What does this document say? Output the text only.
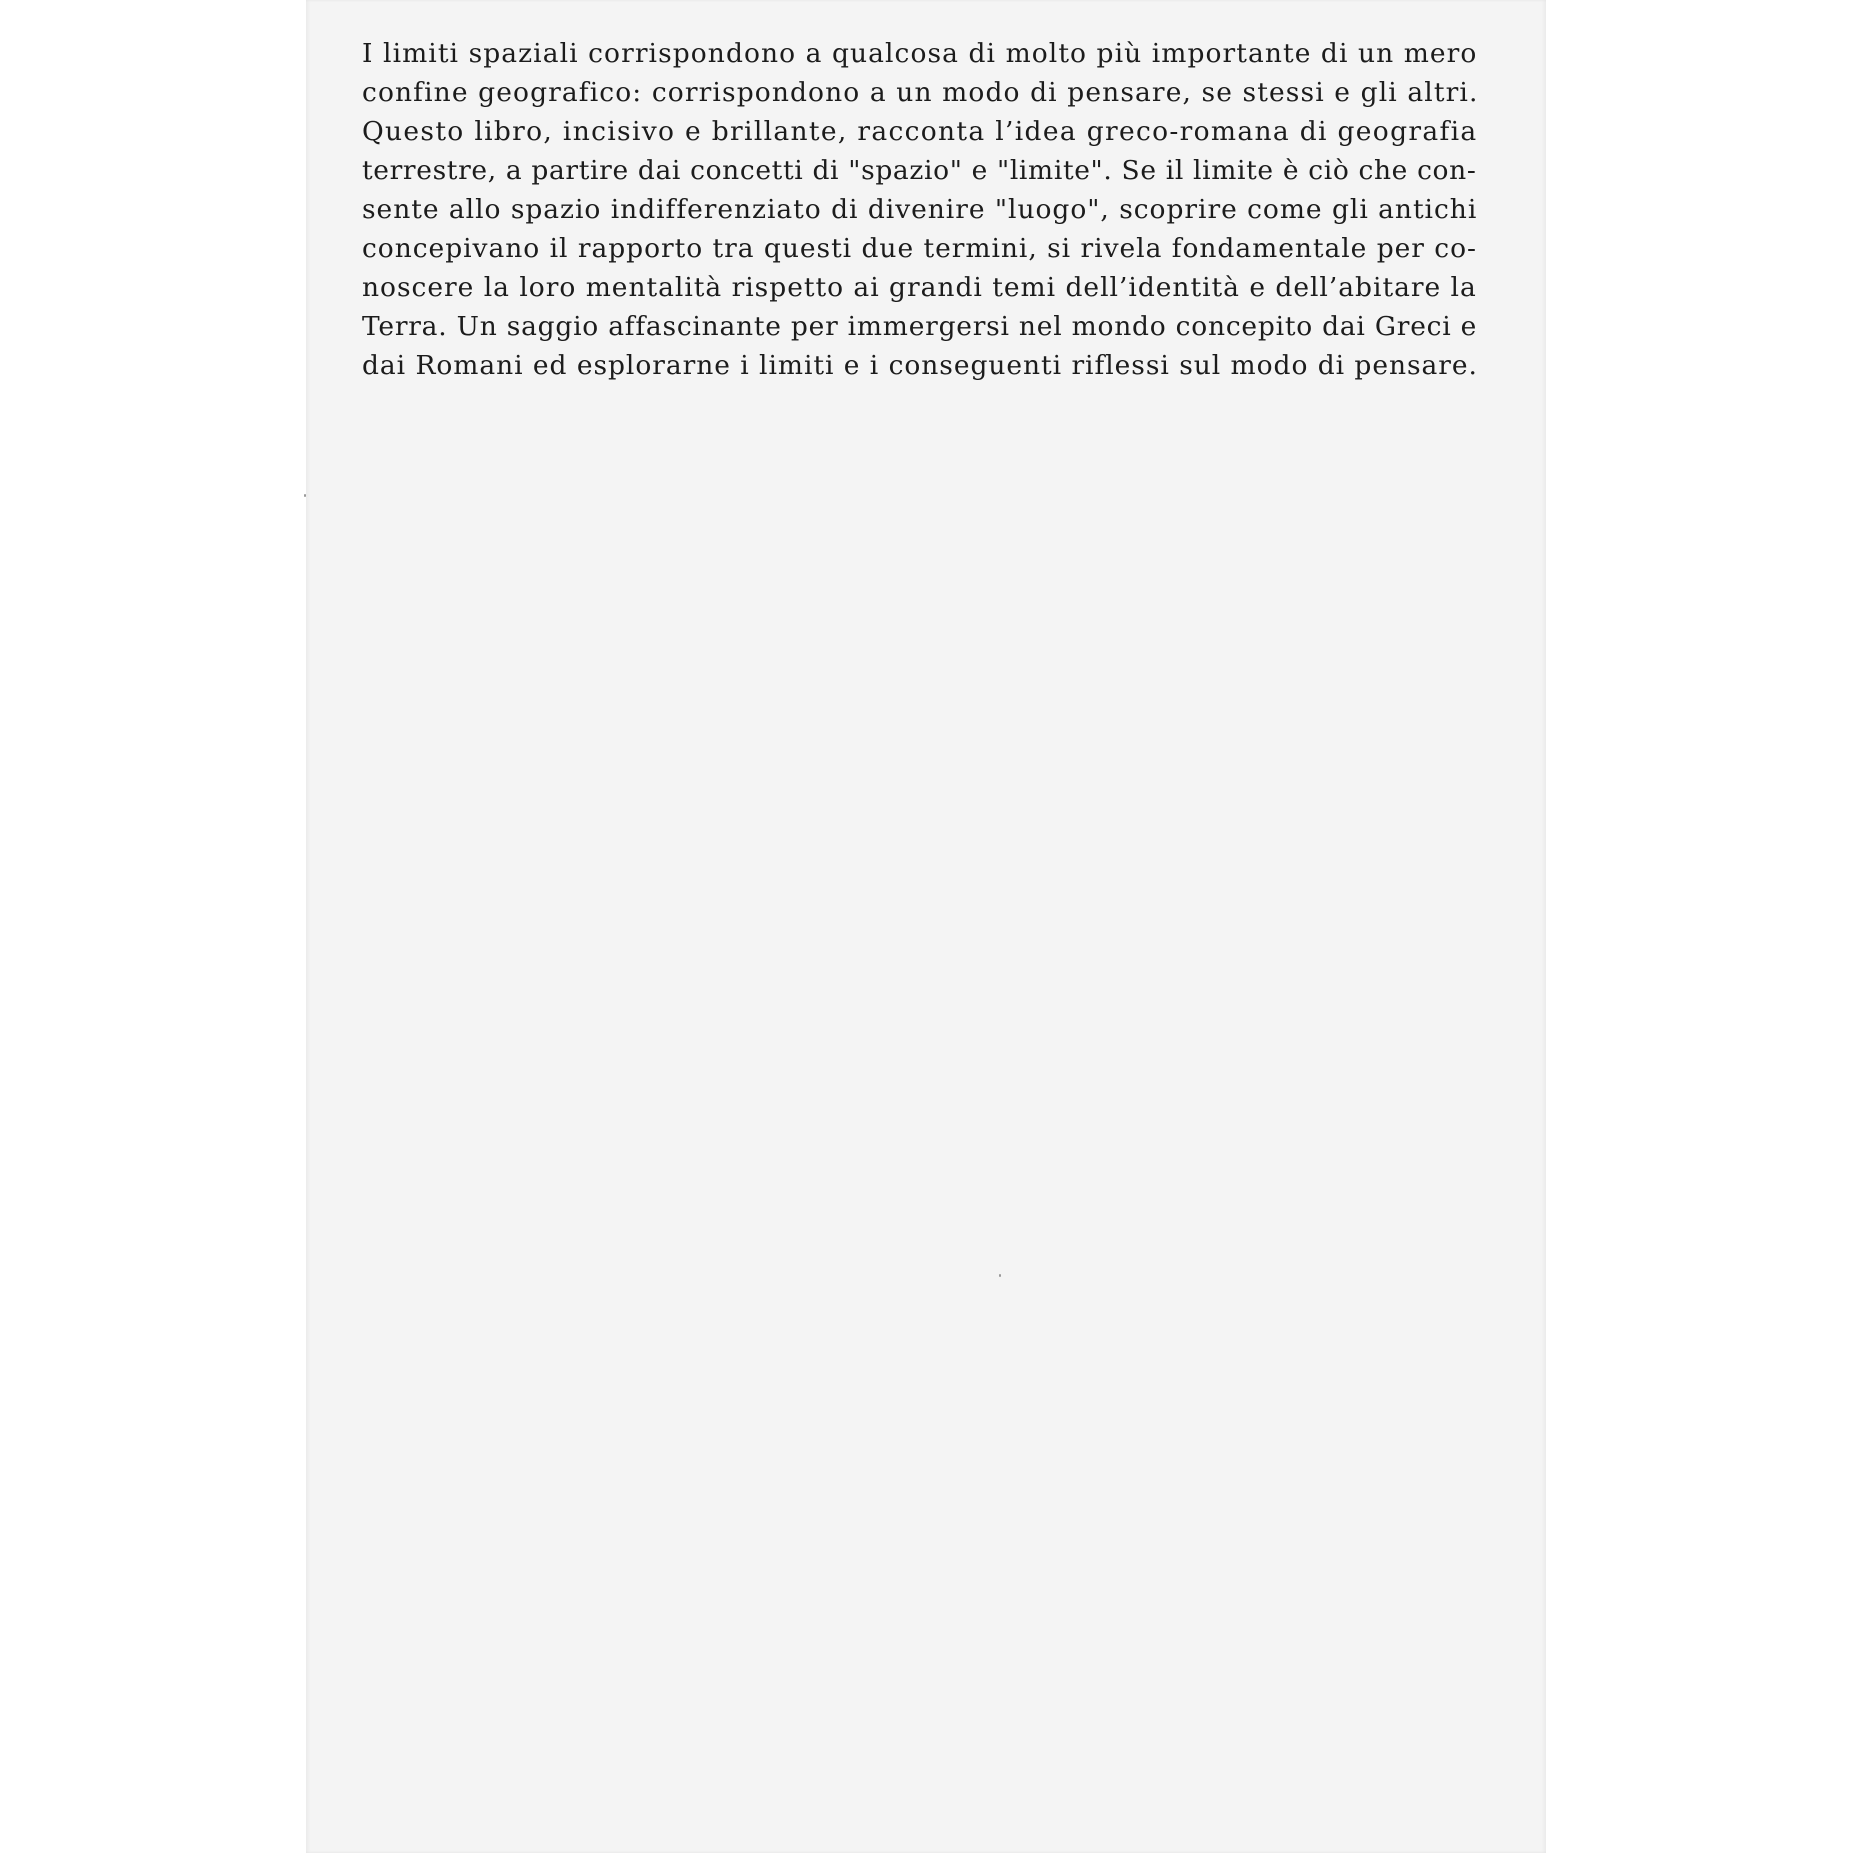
I limiti spaziali corrispondono a qualcosa di molto più importante di un mero
confine geografico: corrispondono a un modo di pensare, se stessi e gli altri.
Questo libro, incisivo e brillante, racconta l’idea greco-romana di geografia
terrestre, a partire dai concetti di "spazio" e "limite". Se il limite è ciò che con-
sente allo spazio indifferenziato di divenire "luogo", scoprire come gli antichi
concepivano il rapporto tra questi due termini, si rivela fondamentale per co-
noscere la loro mentalità rispetto ai grandi temi dell’identità e dell’abitare la
Terra. Un saggio affascinante per immergersi nel mondo concepito dai Greci e
dai Romani ed esplorarne i limiti e i conseguenti riflessi sul modo di pensare.
